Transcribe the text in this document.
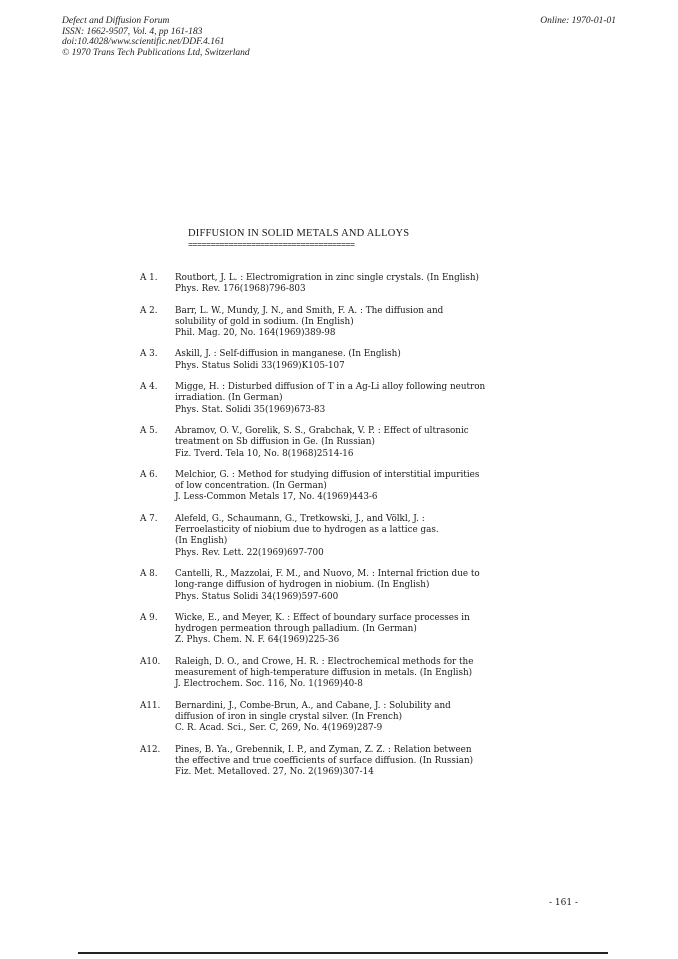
Defect and Diffusion Forum
ISSN: 1662-9507, Vol. 4, pp 161-183
doi:10.4028/www.scientific.net/DDF.4.161
© 1970 Trans Tech Publications Ltd, Switzerland
Online: 1970-01-01
DIFFUSION IN SOLID METALS AND ALLOYS
=====================================
A 1.	Routbort, J. L. : Electromigration in zinc single crystals. (In English)
Phys. Rev. 176(1968)796-803
A 2.	Barr, L. W., Mundy, J. N., and Smith, F. A. : The diffusion and
solubility of gold in sodium. (In English)
Phil. Mag. 20, No. 164(1969)389-98
A 3.	Askill, J. : Self-diffusion in manganese. (In English)
Phys. Status Solidi 33(1969)K105-107
A 4.	Migge, H. : Disturbed diffusion of T in a Ag-Li alloy following neutron
irradiation. (In German)
Phys. Stat. Solidi 35(1969)673-83
A 5.	Abramov, O. V., Gorelik, S. S., Grabchak, V. P. : Effect of ultrasonic
treatment on Sb diffusion in Ge. (In Russian)
Fiz. Tverd. Tela 10, No. 8(1968)2514-16
A 6.	Melchior, G. : Method for studying diffusion of interstitial impurities
of low concentration. (In German)
J. Less-Common Metals 17, No. 4(1969)443-6
A 7.	Alefeld, G., Schaumann, G., Tretkowski, J., and Völkl, J. :
Ferroelasticity of niobium due to hydrogen as a lattice gas.
(In English)
Phys. Rev. Lett. 22(1969)697-700
A 8.	Cantelli, R., Mazzolai, F. M., and Nuovo, M. : Internal friction due to
long-range diffusion of hydrogen in niobium. (In English)
Phys. Status Solidi 34(1969)597-600
A 9.	Wicke, E., and Meyer, K. : Effect of boundary surface processes in
hydrogen permeation through palladium. (In German)
Z. Phys. Chem. N. F. 64(1969)225-36
A10.	Raleigh, D. O., and Crowe, H. R. : Electrochemical methods for the
measurement of high-temperature diffusion in metals. (In English)
J. Electrochem. Soc. 116, No. 1(1969)40-8
A11.	Bernardini, J., Combe-Brun, A., and Cabane, J. : Solubility and
diffusion of iron in single crystal silver. (In French)
C. R. Acad. Sci., Ser. C, 269, No. 4(1969)287-9
A12.	Pines, B. Ya., Grebennik, I. P., and Zyman, Z. Z. : Relation between
the effective and true coefficients of surface diffusion. (In Russian)
Fiz. Met. Metalloved. 27, No. 2(1969)307-14
- 161 -
